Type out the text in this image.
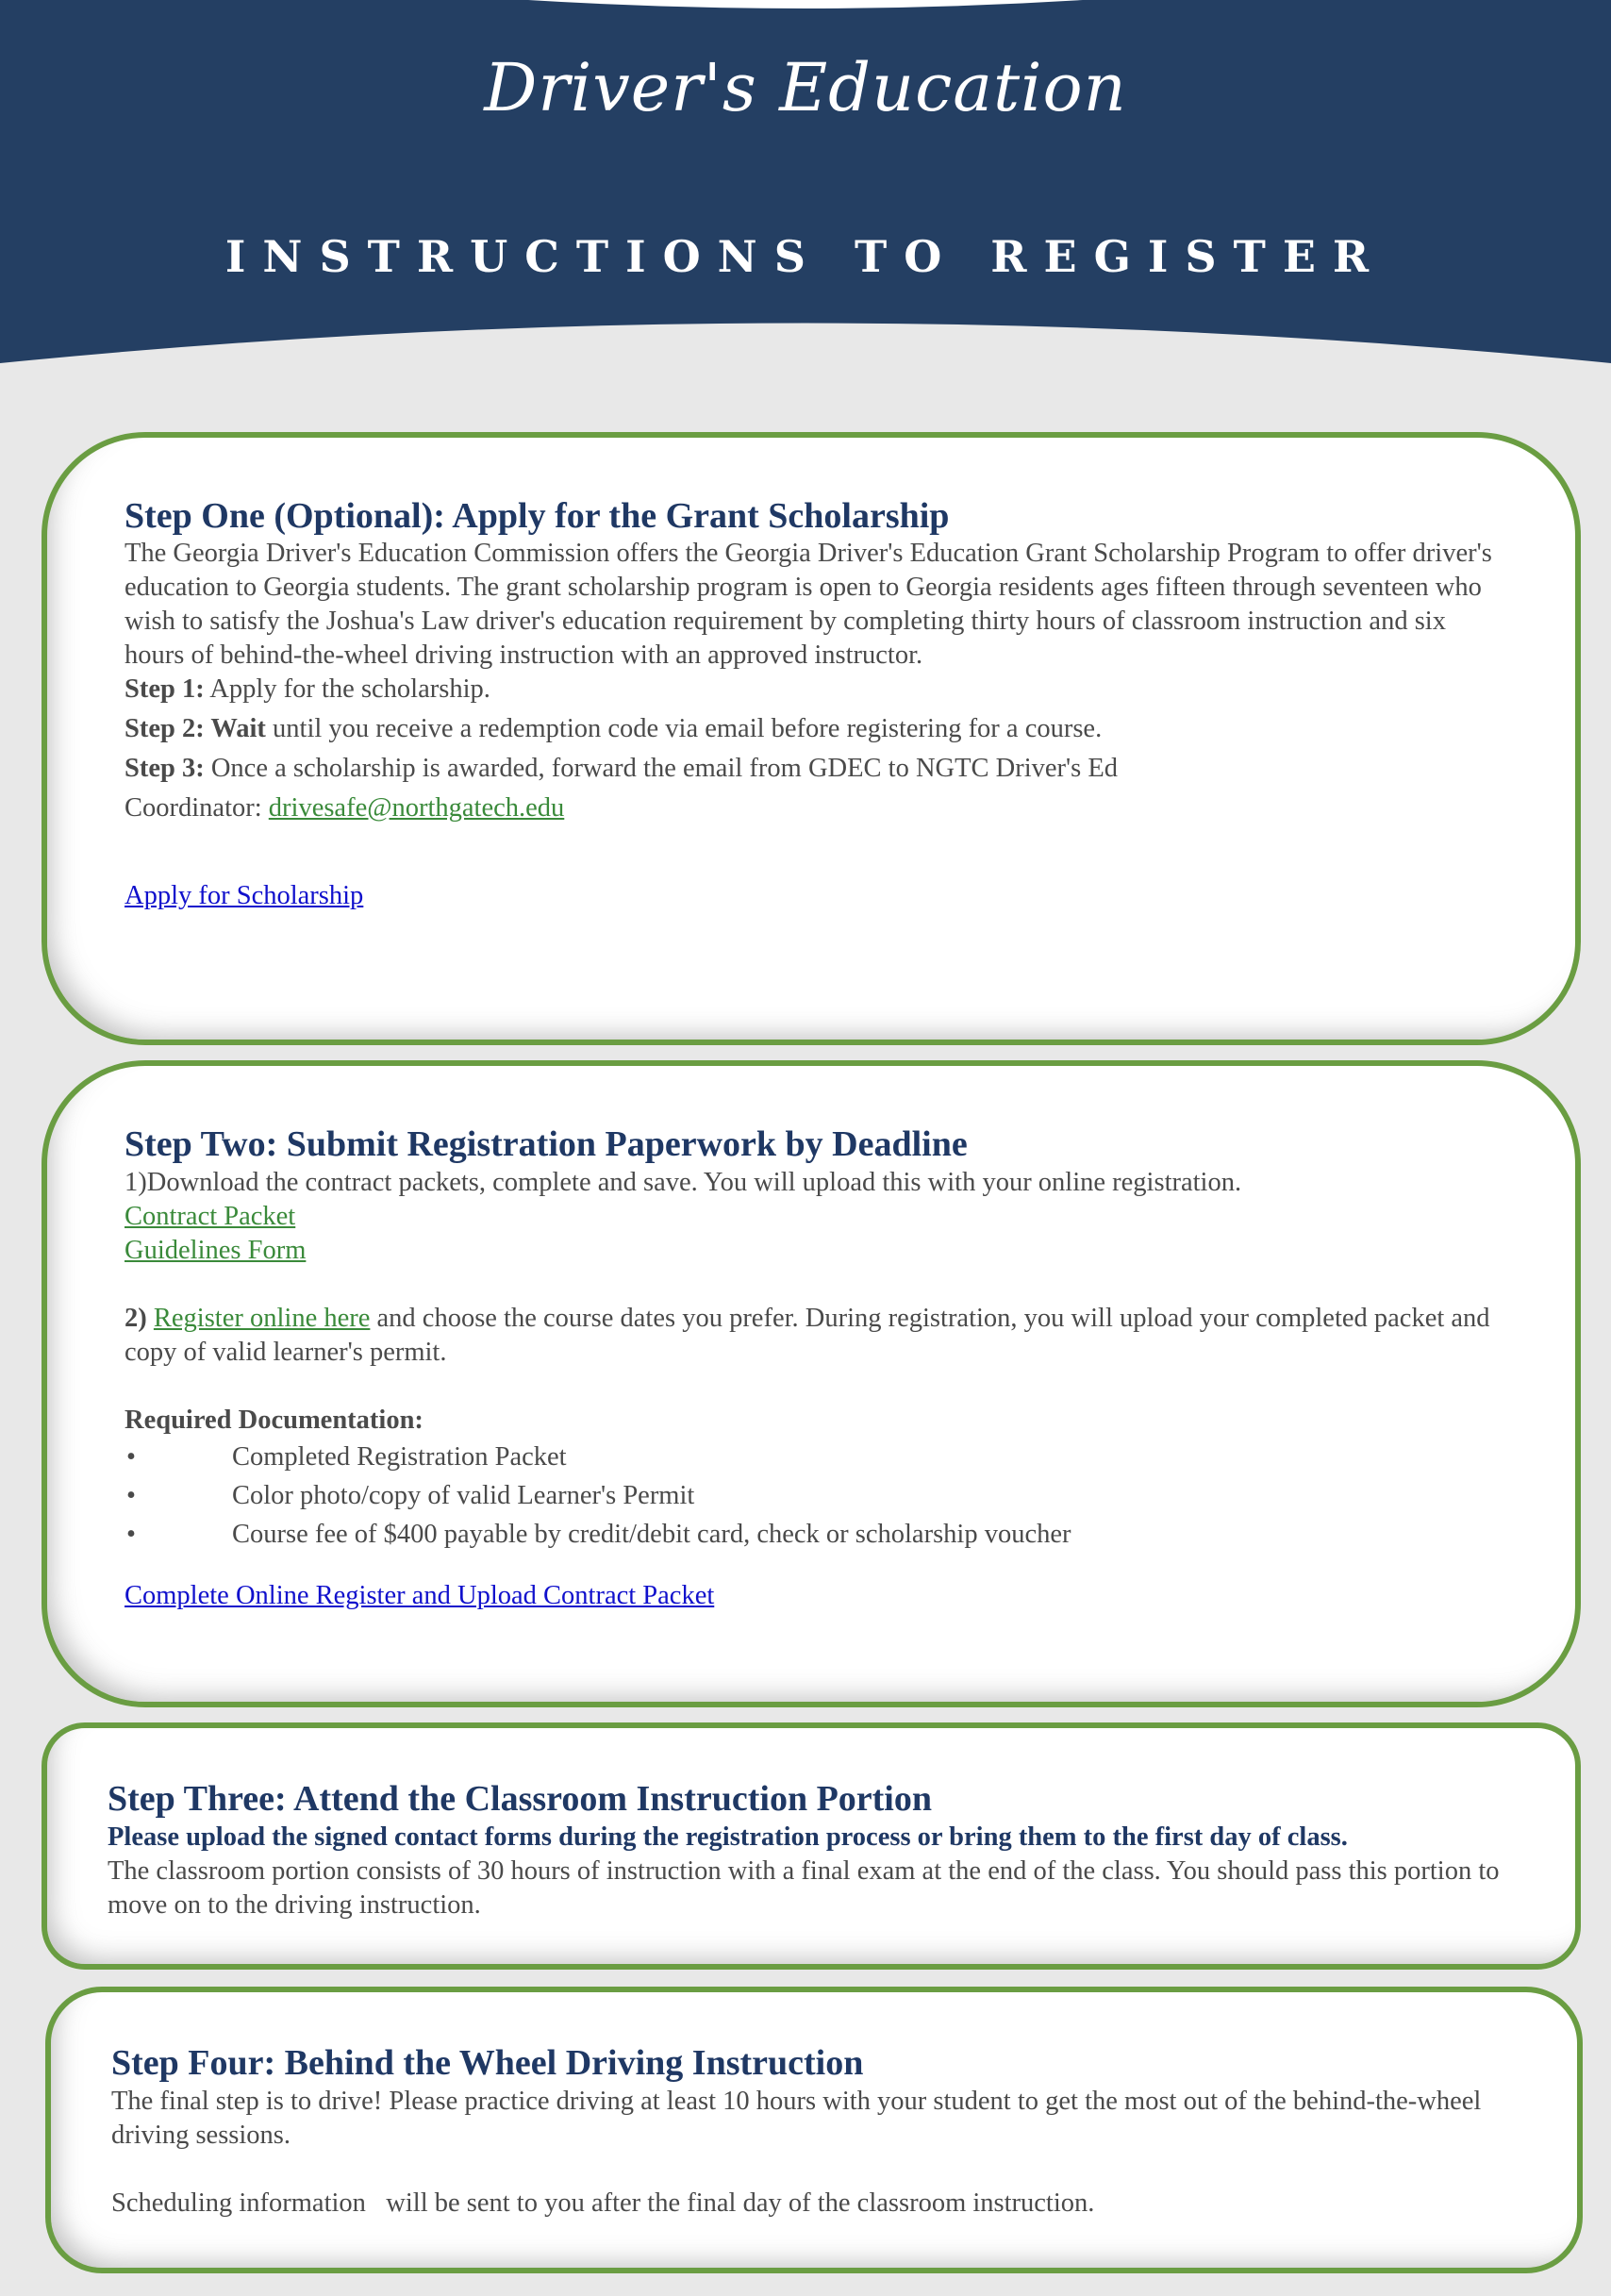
Driver's Education
INSTRUCTIONS TO REGISTER
Step One (Optional): Apply for the Grant Scholarship

The Georgia Driver's Education Commission offers the Georgia Driver's Education Grant Scholarship Program to offer driver's education to Georgia students. The grant scholarship program is open to Georgia residents ages fifteen through seventeen who wish to satisfy the Joshua's Law driver's education requirement by completing thirty hours of classroom instruction and six hours of behind-the-wheel driving instruction with an approved instructor.

Step 1: Apply for the scholarship.

Step 2: Wait until you receive a redemption code via email before registering for a course.

Step 3: Once a scholarship is awarded, forward the email from GDEC to NGTC Driver's Ed

Coordinator: drivesafe@northgatech.edu

Apply for Scholarship

Step Two: Submit Registration Paperwork by Deadline

1)Download the contract packets, complete and save. You will upload this with your online registration.

Contract Packet

Guidelines Form

2) Register online here and choose the course dates you prefer. During registration, you will upload your completed packet and copy of valid learner's permit.

Required Documentation:

•	Completed Registration Packet
•	Color photo/copy of valid Learner's Permit
•	Course fee of $400 payable by credit/debit card, check or scholarship voucher

Complete Online Register and Upload Contract Packet

Step Three: Attend the Classroom Instruction Portion

Please upload the signed contact forms during the registration process or bring them to the first day of class.

The classroom portion consists of 30 hours of instruction with a final exam at the end of the class. You should pass this portion to move on to the driving instruction.

Step Four: Behind the Wheel Driving Instruction

The final step is to drive! Please practice driving at least 10 hours with your student to get the most out of the behind-the-wheel driving sessions.

Scheduling information   will be sent to you after the final day of the classroom instruction.
